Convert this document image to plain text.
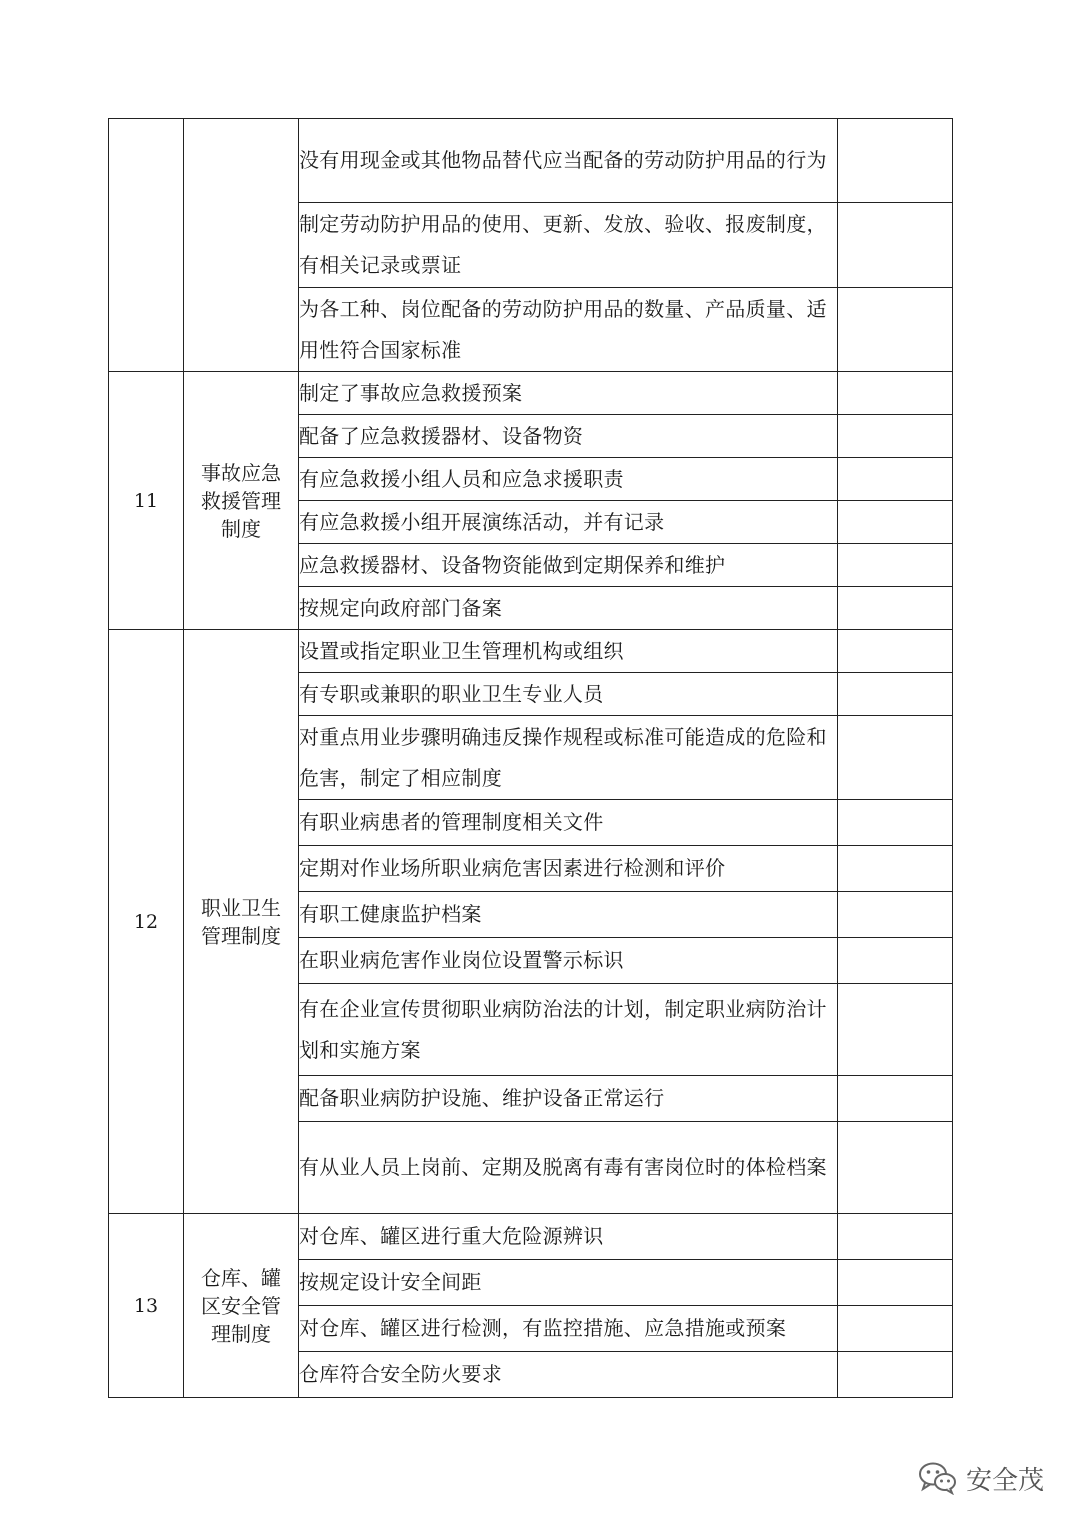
		没有用现金或其他物品替代应当配备的劳动防护用品的行为	

		制定劳动防护用品的使用、更新、发放、验收、报废制度，有相关记录或票证	

		为各工种、岗位配备的劳动防护用品的数量、产品质量、适用性符合国家标准	

11	事故应急
救援管理
制度	制定了事故应急救援预案	

		配备了应急救援器材、设备物资	

		有应急救援小组人员和应急求援职责	

		有应急救援小组开展演练活动，并有记录	

		应急救援器材、设备物资能做到定期保养和维护	

		按规定向政府部门备案	

12	职业卫生
管理制度	设置或指定职业卫生管理机构或组织	

		有专职或兼职的职业卫生专业人员	

		对重点用业步骤明确违反操作规程或标准可能造成的危险和危害，制定了相应制度	

		有职业病患者的管理制度相关文件	

		定期对作业场所职业病危害因素进行检测和评价	

		有职工健康监护档案	

		在职业病危害作业岗位设置警示标识	

		有在企业宣传贯彻职业病防治法的计划，制定职业病防治计划和实施方案	

		配备职业病防护设施、维护设备正常运行	

		有从业人员上岗前、定期及脱离有毒有害岗位时的体检档案	

13	仓库、罐
区安全管
理制度	对仓库、罐区进行重大危险源辨识	

		按规定设计安全间距	

		对仓库、罐区进行检测，有监控措施、应急措施或预案	

		仓库符合安全防火要求	

安全茂
